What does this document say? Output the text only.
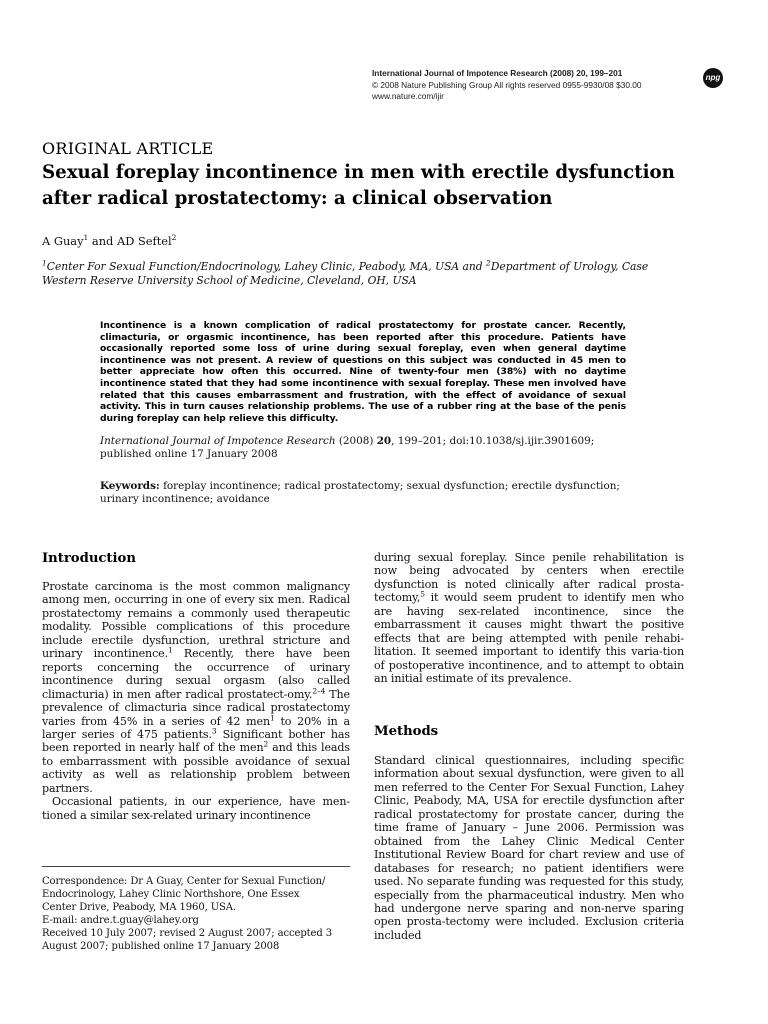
International Journal of Impotence Research (2008) 20, 199–201
© 2008 Nature Publishing Group All rights reserved 0955-9930/08 $30.00
www.nature.com/ijir
npg
ORIGINAL ARTICLE
Sexual foreplay incontinence in men with erectile dysfunction after radical prostatectomy: a clinical observation
A Guay$^1$ and AD Seftel$^2$
$^1$Center For Sexual Function/Endocrinology, Lahey Clinic, Peabody, MA, USA and $^2$Department of Urology, Case Western Reserve University School of Medicine, Cleveland, OH, USA
Incontinence is a known complication of radical prostatectomy for prostate cancer. Recently, climacturia, or orgasmic incontinence, has been reported after this procedure. Patients have occasionally reported some loss of urine during sexual foreplay, even when general daytime incontinence was not present. A review of questions on this subject was conducted in 45 men to better appreciate how often this occurred. Nine of twenty-four men (38%) with no daytime incontinence stated that they had some incontinence with sexual foreplay. These men involved have related that this causes embarrassment and frustration, with the effect of avoidance of sexual activity. This in turn causes relationship problems. The use of a rubber ring at the base of the penis during foreplay can help relieve this difficulty.
International Journal of Impotence Research (2008) 20, 199–201; doi:10.1038/sj.ijir.3901609;
published online 17 January 2008
Keywords: foreplay incontinence; radical prostatectomy; sexual dysfunction; erectile dysfunction; urinary incontinence; avoidance
Introduction

Prostate carcinoma is the most common malignancy among men, occurring in one of every six men. Radical prostatectomy remains a commonly used therapeutic modality. Possible complications of this procedure include erectile dysfunction, urethral stricture and urinary incontinence.$^1$ Recently, there have been reports concerning the occurrence of urinary incontinence during sexual orgasm (also called climacturia) in men after radical prostatect-omy.$^{2-4}$ The prevalence of climacturia since radical prostatectomy varies from 45% in a series of 42 men$^1$ to 20% in a larger series of 475 patients.$^3$ Significant bother has been reported in nearly half of the men$^2$ and this leads to embarrassment with possible avoidance of sexual activity as well as relationship problem between partners.

Occasional patients, in our experience, have men-tioned a similar sex-related urinary incontinence

during sexual foreplay. Since penile rehabilitation is now being advocated by centers when erectile dysfunction is noted clinically after radical prosta-tectomy,$^5$ it would seem prudent to identify men who are having sex-related incontinence, since the embarrassment it causes might thwart the positive effects that are being attempted with penile rehabi-litation. It seemed important to identify this varia-tion of postoperative incontinence, and to attempt to obtain an initial estimate of its prevalence.

Methods

Standard clinical questionnaires, including specific information about sexual dysfunction, were given to all men referred to the Center For Sexual Function, Lahey Clinic, Peabody, MA, USA for erectile dysfunction after radical prostatectomy for prostate cancer, during the time frame of January – June 2006. Permission was obtained from the Lahey Clinic Medical Center Institutional Review Board for chart review and use of databases for research; no patient identifiers were used. No separate funding was requested for this study, especially from the pharmaceutical industry. Men who had undergone nerve sparing and non-nerve sparing open prosta-tectomy were included. Exclusion criteria included

Correspondence: Dr A Guay, Center for Sexual Function/
Endocrinology, Lahey Clinic Northshore, One Essex
Center Drive, Peabody, MA 1960, USA.
E-mail: andre.t.guay@lahey.org
Received 10 July 2007; revised 2 August 2007; accepted 3
August 2007; published online 17 January 2008
